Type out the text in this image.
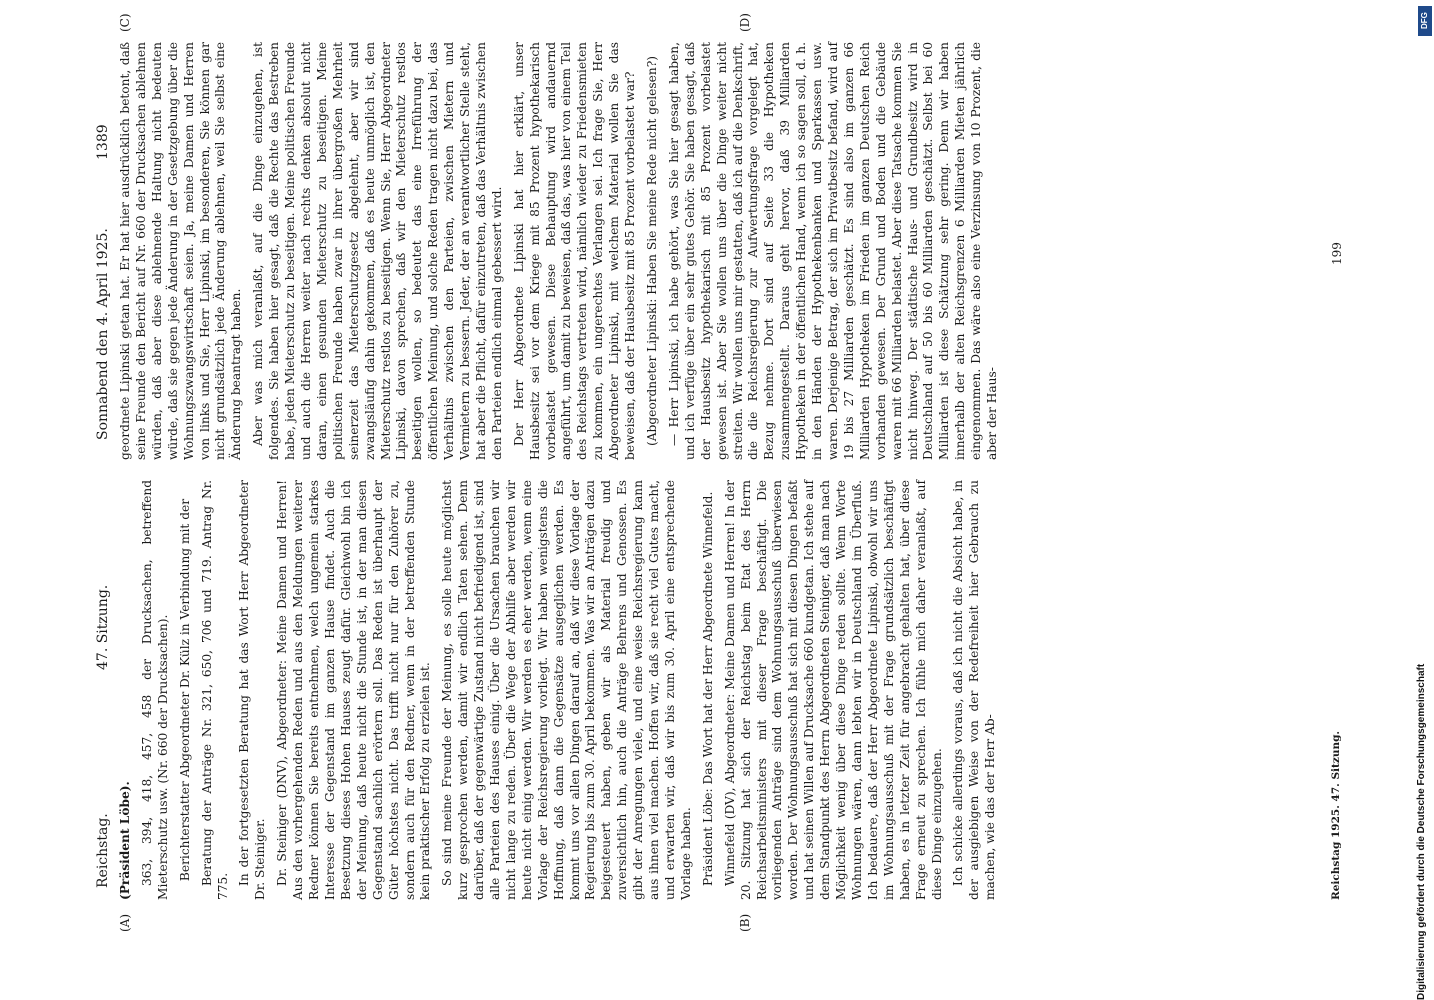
Reichstag.
47. Sitzung.
Sonnabend den 4. April 1925.
1389
(A)	(B)
(C)	(D)

(Präsident Löbe). 363, 394, 418, 457, 458 der Drucksachen, betreffend Mieterschutz usw. (Nr. 660 der Drucksachen). Berichterstatter Abgeordneter Dr. Külz in Verbindung mit der Beratung der Anträge Nr. 321, 650, 706 und 719. Antrag Nr. 775.

In der fortgesetzten Beratung hat das Wort Herr Abgeordneter Dr. Steiniger. Dr. Steiniger (DNV), Abgeordneter: Meine Damen und Herren! Aus den vorhergehenden Reden und aus den Meldungen weiterer Redner können Sie bereits entnehmen, welch ungemein starkes Interesse der Gegenstand im ganzen Hause findet. Auch die Besetzung dieses Hohen Hauses zeugt dafür. Gleichwohl bin ich der Meinung, daß heute nicht die Stunde ist, in der man diesen Gegenstand sachlich erörtern soll. Das Reden ist überhaupt der Güter höchstes nicht. Das trifft nicht nur für den Zuhörer zu, sondern auch für den Redner, wenn in der betreffenden Stunde kein praktischer Erfolg zu erzielen ist. So sind meine Freunde der Meinung, es solle heute möglichst kurz gesprochen werden, damit wir endlich Taten sehen. Denn darüber, daß der gegenwärtige Zustand nicht befriedigend ist, sind alle Parteien des Hauses einig. Über die Ursachen brauchen wir nicht lange zu reden. Über die Wege der Abhilfe aber werden wir heute nicht einig werden. Wir werden es eher werden, wenn eine Vorlage der Reichsregierung vorliegt. Wir haben wenigstens die Hoffnung, daß dann die Gegensätze ausgeglichen werden. Es kommt uns vor allen Dingen darauf an, daß wir diese Vorlage der Regierung bis zum 30. April bekommen. Was wir an Anträgen dazu beigesteuert haben, geben wir als Material freudig und zuversichtlich hin, auch die Anträge Behrens und Genossen. Es gibt der Anregungen viele, und eine weise Reichsregierung kann aus ihnen viel machen. Hoffen wir, daß sie recht viel Gutes macht, und erwarten wir, daß wir bis zum 30. April eine entsprechende Vorlage haben. Präsident Löbe: Das Wort hat der Herr Abgeordnete Winnefeld. Winnefeld (DV), Abgeordneter: Meine Damen und Herren! In der 20. Sitzung hat sich der Reichstag beim Etat des Herrn Reichsarbeitsministers mit dieser Frage beschäftigt. Die vorliegenden Anträge sind dem Wohnungsausschuß überwiesen worden. Der Wohnungsausschuß hat sich mit diesen Dingen befaßt und hat seinen Willen auf Drucksache 660 kundgetan. Ich stehe auf dem Standpunkt des Herrn Abgeordneten Steiniger, daß man nach Möglichkeit wenig über diese Dinge reden sollte. Wenn Worte Wohnungen wären, dann lebten wir in Deutschland im Überfluß. Ich bedauere, daß der Herr Abgeordnete Lipinski, obwohl wir uns im Wohnungsausschuß mit der Frage grundsätzlich beschäftigt haben, es in letzter Zeit für angebracht gehalten hat, über diese Frage erneut zu sprechen. Ich fühle mich daher veranlaßt, auf diese Dinge einzugehen. Ich schicke allerdings voraus, daß ich nicht die Absicht habe, in der ausgiebigen Weise von der Redefreiheit hier Gebrauch zu machen, wie das der Herr Ab-

geordnete Lipinski getan hat. Er hat hier ausdrücklich betont, daß seine Freunde den Bericht auf Nr. 660 der Drucksachen ablehnen würden, daß aber diese ablehnende Haltung nicht bedeuten würde, daß sie gegen jede Änderung in der Gesetzgebung über die Wohnungszwangswirtschaft seien. Ja, meine Damen und Herren von links und Sie, Herr Lipinski, im besonderen, Sie können gar nicht grundsätzlich jede Änderung ablehnen, weil Sie selbst eine Änderung beantragt haben. Aber was mich veranlaßt, auf die Dinge einzugehen, ist folgendes. Sie haben hier gesagt, daß die Rechte das Bestreben habe, jeden Mieterschutz zu beseitigen. Meine politischen Freunde und auch die Herren weiter nach rechts denken absolut nicht daran, einen gesunden Mieterschutz zu beseitigen. Meine politischen Freunde haben zwar in ihrer übergroßen Mehrheit seinerzeit das Mieterschutzgesetz abgelehnt, aber wir sind zwangsläufig dahin gekommen, daß es heute unmöglich ist, den Mieterschutz restlos zu beseitigen. Wenn Sie, Herr Abgeordneter Lipinski, davon sprechen, daß wir den Mieterschutz restlos beseitigen wollen, so bedeutet das eine Irreführung der öffentlichen Meinung, und solche Reden tragen nicht dazu bei, das Verhältnis zwischen den Parteien, zwischen Mietern und Vermietern zu bessern. Jeder, der an verantwortlicher Stelle steht, hat aber die Pflicht, dafür einzutreten, daß das Verhältnis zwischen den Parteien endlich einmal gebessert wird. Der Herr Abgeordnete Lipinski hat hier erklärt, unser Hausbesitz sei vor dem Kriege mit 85 Prozent hypothekarisch vorbelastet gewesen. Diese Behauptung wird andauernd angeführt, um damit zu beweisen, daß das, was hier von einem Teil des Reichstags vertreten wird, nämlich wieder zu Friedensmieten zu kommen, ein ungerechtes Verlangen sei. Ich frage Sie, Herr Abgeordneter Lipinski, mit welchem Material wollen Sie das beweisen, daß der Hausbesitz mit 85 Prozent vorbelastet war? (Abgeordneter Lipinski: Haben Sie meine Rede nicht gelesen?) — Herr Lipinski, ich habe gehört, was Sie hier gesagt haben, und ich verfüge über ein sehr gutes Gehör. Sie haben gesagt, daß der Hausbesitz hypothekarisch mit 85 Prozent vorbelastet gewesen ist. Aber Sie wollen uns über die Dinge weiter nicht streiten. Wir wollen uns mir gestatten, daß ich auf die Denkschrift, die die Reichsregierung zur Aufwertungsfrage vorgelegt hat, Bezug nehme. Dort sind auf Seite 33 die Hypotheken zusammengestellt. Daraus geht hervor, daß 39 Milliarden Hypotheken in der öffentlichen Hand, wenn ich so sagen soll, d. h. in den Händen der Hypothekenbanken und Sparkassen usw. waren. Derjenige Betrag, der sich im Privatbesitz befand, wird auf 19 bis 27 Milliarden geschätzt. Es sind also im ganzen 66 Milliarden Hypotheken im Frieden im ganzen Deutschen Reich vorhanden gewesen. Der Grund und Boden und die Gebäude waren mit 66 Milliarden belastet. Aber diese Tatsache kommen Sie nicht hinweg. Der städtische Haus- und Grundbesitz wird in Deutschland auf 50 bis 60 Milliarden geschätzt. Selbst bei 60 Milliarden ist diese Schätzung sehr gering. Denn wir haben innerhalb der alten Reichsgrenzen 6 Milliarden Mieten jährlich eingenommen. Das wäre also eine Verzinsung von 10 Prozent, die aber der Haus-

Reichstag 1925. 47. Sitzung.
199
Digitalisierung gefördert durch die Deutsche Forschungsgemeinschaft
DFG
